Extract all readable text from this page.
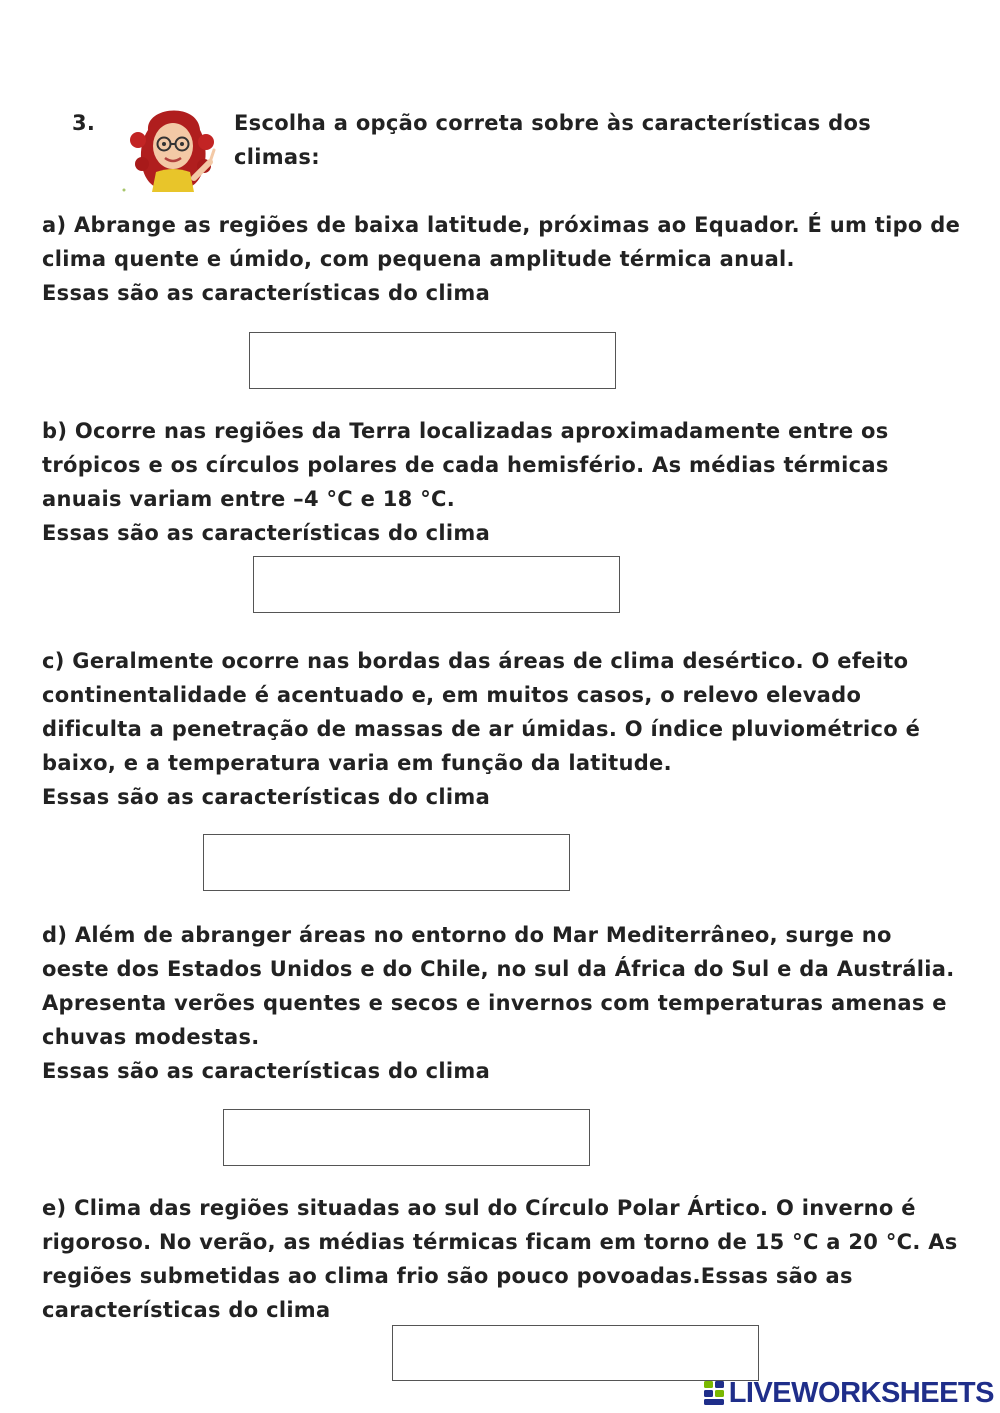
3.	Escolha a opção correta sobre às características dos climas:

a) Abrange as regiões de baixa latitude, próximas ao Equador. É um tipo de clima quente e úmido, com pequena amplitude térmica anual.
Essas são as características do clima

b) Ocorre nas regiões da Terra localizadas aproximadamente entre os trópicos e os círculos polares de cada hemisfério. As médias térmicas anuais variam entre –4 °C e 18 °C.
Essas são as características do clima

c) Geralmente ocorre nas bordas das áreas de clima desértico. O efeito continentalidade é acentuado e, em muitos casos, o relevo elevado dificulta a penetração de massas de ar úmidas. O índice pluviométrico é baixo, e a temperatura varia em função da latitude.
Essas são as características do clima

d) Além de abranger áreas no entorno do Mar Mediterrâneo, surge no oeste dos Estados Unidos e do Chile, no sul da África do Sul e da Austrália. Apresenta verões quentes e secos e invernos com temperaturas amenas e chuvas modestas.
Essas são as características do clima

e) Clima das regiões situadas ao sul do Círculo Polar Ártico. O inverno é rigoroso. No verão, as médias térmicas ficam em torno de 15 °C a 20 °C. As regiões submetidas ao clima frio são pouco povoadas.Essas são as características do clima

LIVEWORKSHEETS
